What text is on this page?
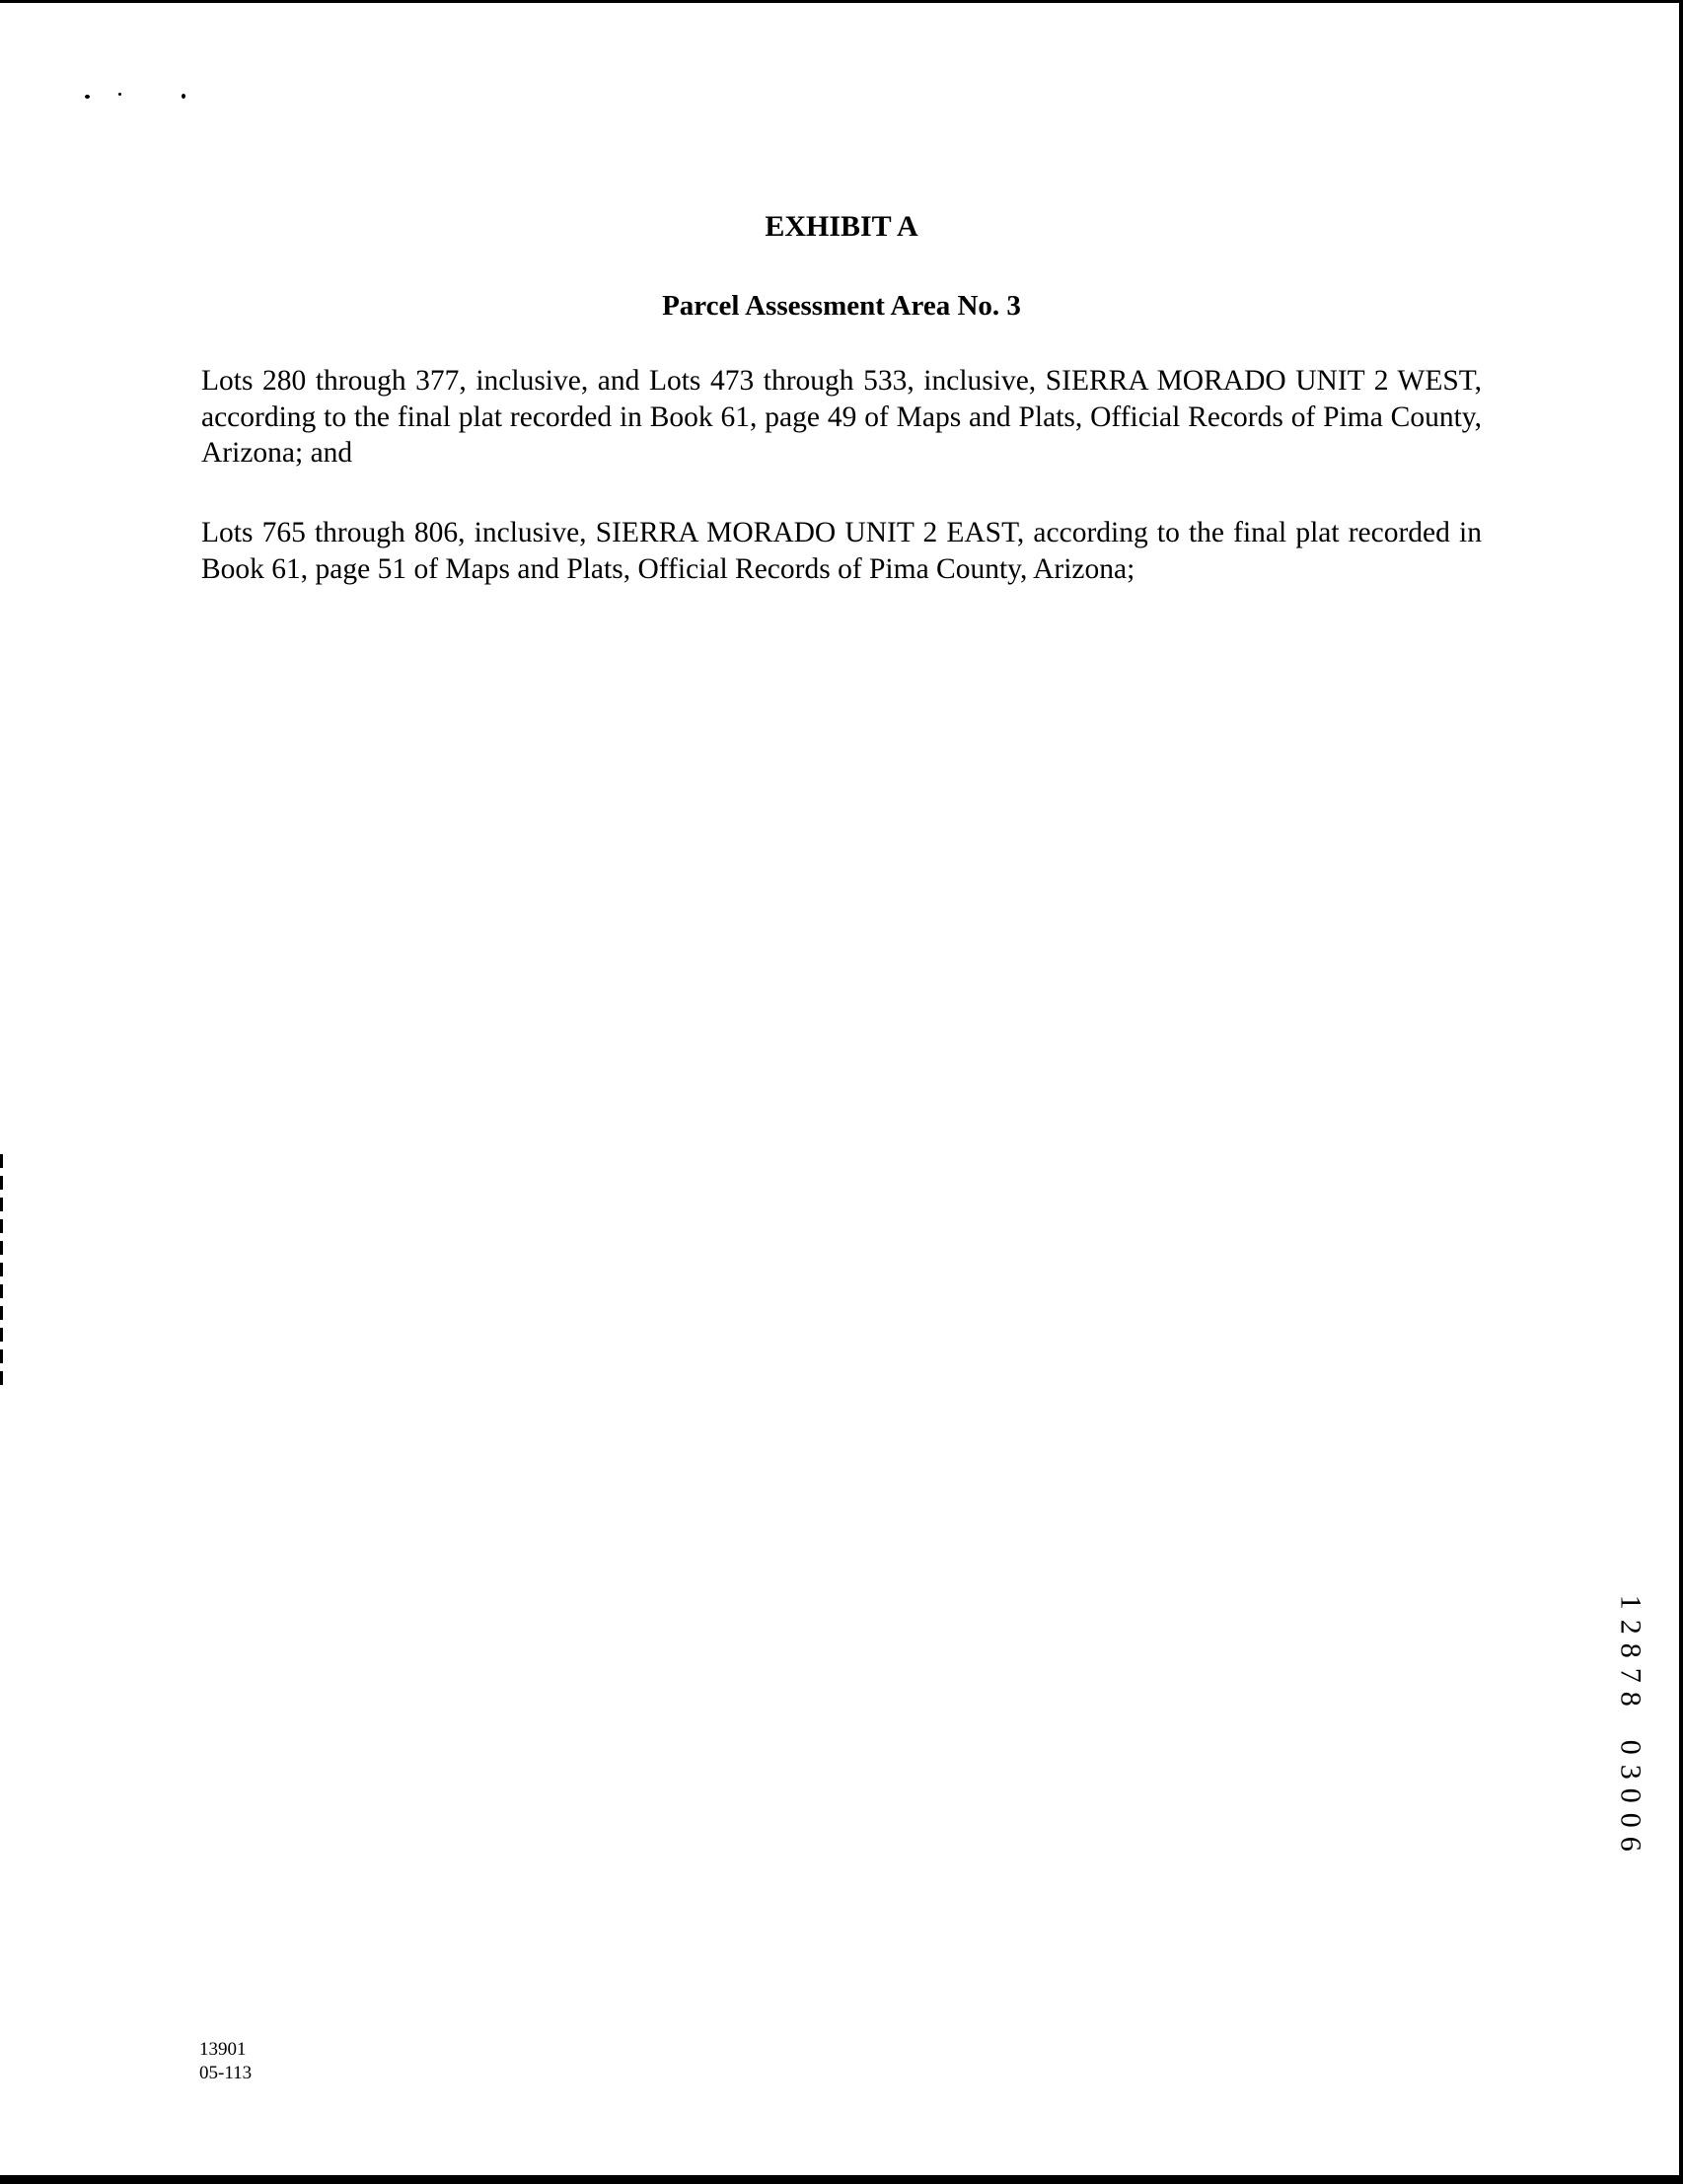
EXHIBIT A
Parcel Assessment Area No. 3
Lots 280 through 377, inclusive, and Lots 473 through 533, inclusive, SIERRA MORADO UNIT 2 WEST, according to the final plat recorded in Book 61, page 49 of Maps and Plats, Official Records of Pima County, Arizona; and
Lots 765 through 806, inclusive, SIERRA MORADO UNIT 2 EAST, according to the final plat recorded in Book 61, page 51 of Maps and Plats, Official Records of Pima County, Arizona;
1
2
8
7
8

0
3
0
0
6
13901
05-113
